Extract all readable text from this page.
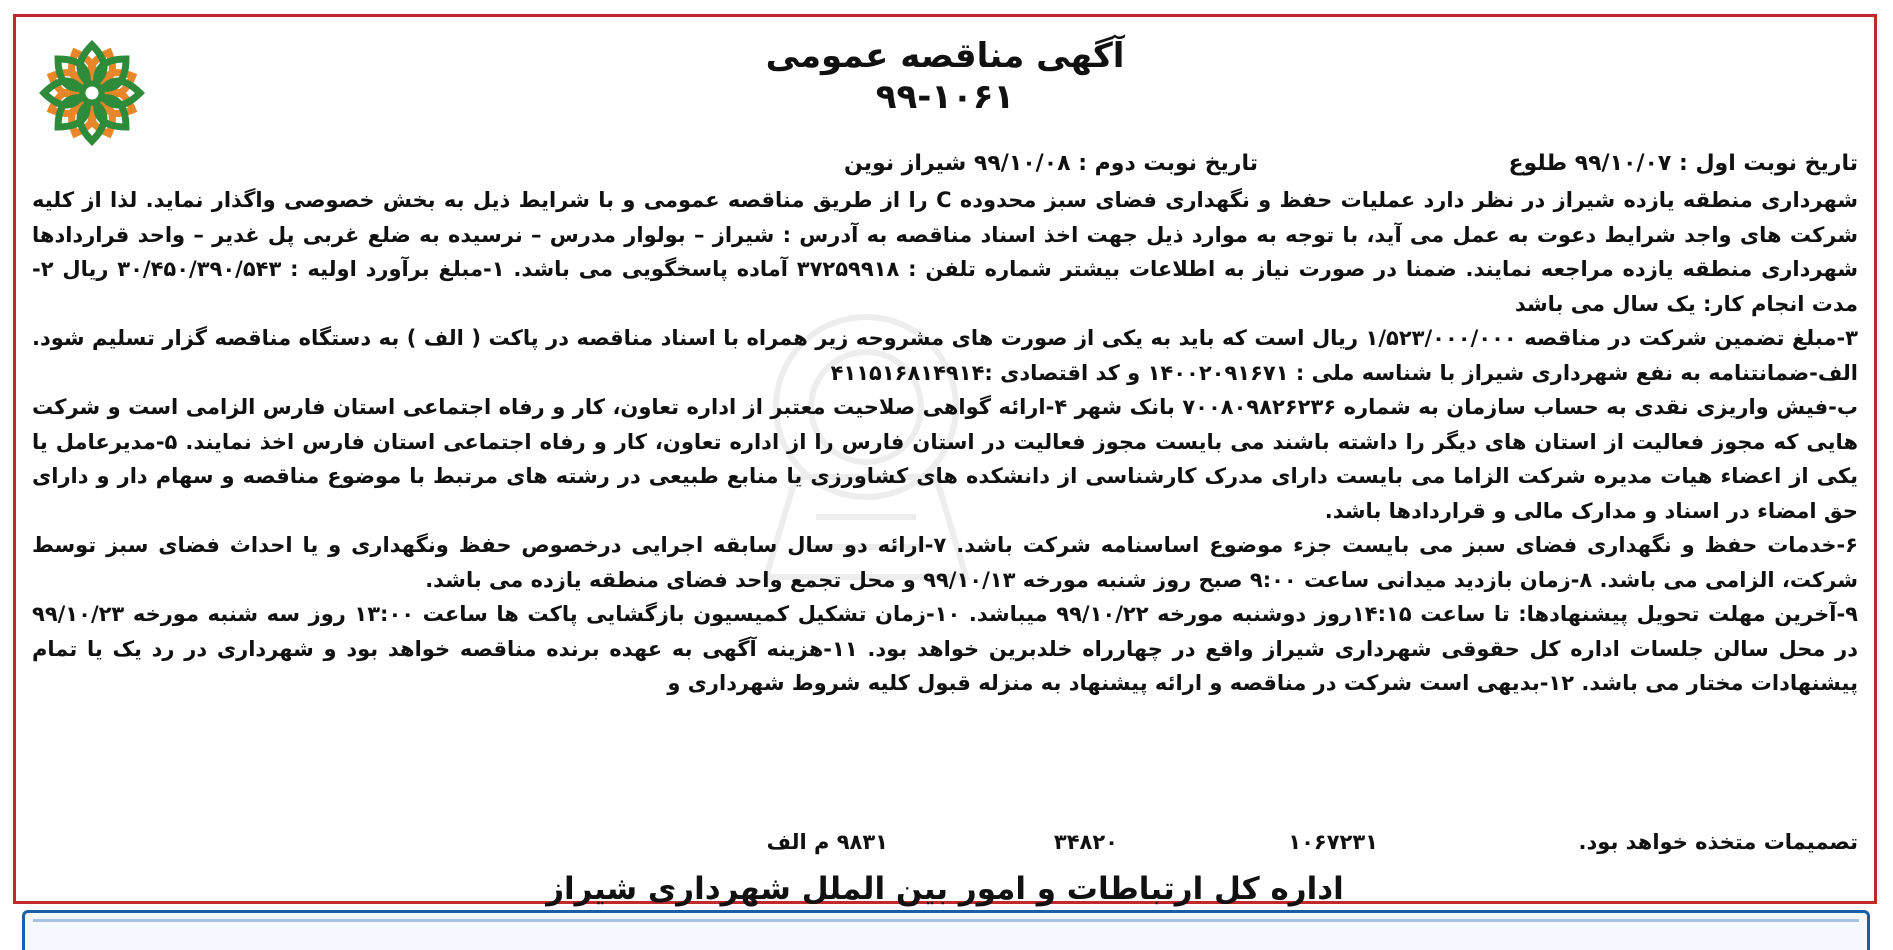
آگهی مناقصه عمومی
۹۹-۱۰۶۱
تاریخ نوبت اول : ۹۹/۱۰/۰۷ طلوع
تاریخ نوبت دوم : ۹۹/۱۰/۰۸ شیراز نوین

شهرداری منطقه یازده شیراز در نظر دارد عملیات حفظ و نگهداری فضای سبز محدوده C را از طریق مناقصه عمومی و با شرایط ذیل به بخش خصوصی واگذار نماید. لذا از کلیه شرکت های واجد شرایط دعوت به عمل می آید، با توجه به موارد ذیل جهت اخذ اسناد مناقصه به آدرس : شیراز – بولوار مدرس – نرسیده به ضلع غربی پل غدیر – واحد قراردادها شهرداری منطقه یازده مراجعه نمایند. ضمنا در صورت نیاز به اطلاعات بیشتر شماره تلفن : ۳۷۲۵۹۹۱۸ آماده پاسخگویی می باشد. ۱-مبلغ برآورد اولیه : ۳۰/۴۵۰/۳۹۰/۵۴۳ ریال ۲-مدت انجام کار: یک سال می باشد

۳-مبلغ تضمین شرکت در مناقصه ۱/۵۲۳/۰۰۰/۰۰۰ ریال است که باید به یکی از صورت های مشروحه زیر همراه با اسناد مناقصه در پاکت ( الف ) به دستگاه مناقصه گزار تسلیم شود. الف-ضمانتنامه به نفع شهرداری شیراز با شناسه ملی : ۱۴۰۰۲۰۹۱۶۷۱ و کد اقتصادی :۴۱۱۵۱۶۸۱۴۹۱۴

ب-فیش واریزی نقدی به حساب سازمان به شماره ۷۰۰۸۰۹۸۲۶۲۳۶ بانک شهر ۴-ارائه گواهی صلاحیت معتبر از اداره تعاون، کار و رفاه اجتماعی استان فارس الزامی است و شرکت هایی که مجوز فعالیت از استان های دیگر را داشته باشند می بایست مجوز فعالیت در استان فارس را از اداره تعاون، کار و رفاه اجتماعی استان فارس اخذ نمایند. ۵-مدیرعامل یا یکی از اعضاء هیات مدیره شرکت الزاما می بایست دارای مدرک کارشناسی از دانشکده های کشاورزی یا منابع طبیعی در رشته های مرتبط با موضوع مناقصه و سهام دار و دارای حق امضاء در اسناد و مدارک مالی و قراردادها باشد.

۶-خدمات حفظ و نگهداری فضای سبز می بایست جزء موضوع اساسنامه شرکت باشد. ۷-ارائه دو سال سابقه اجرایی درخصوص حفظ ونگهداری و یا احداث فضای سبز توسط شرکت، الزامی می باشد. ۸-زمان بازدید میدانی ساعت ۹:۰۰ صبح روز شنبه مورخه ۹۹/۱۰/۱۳ و محل تجمع واحد فضای منطقه یازده می باشد.

۹-آخرین مهلت تحویل پیشنهادها: تا ساعت ۱۴:۱۵روز دوشنبه مورخه ۹۹/۱۰/۲۲ میباشد. ۱۰-زمان تشکیل کمیسیون بازگشایی پاکت ها ساعت ۱۳:۰۰ روز سه شنبه مورخه ۹۹/۱۰/۲۳ در محل سالن جلسات اداره کل حقوقی شهرداری شیراز واقع در چهارراه خلدبرین خواهد بود. ۱۱-هزینه آگهی به عهده برنده مناقصه خواهد بود و شهرداری در رد یک یا تمام پیشنهادات مختار می باشد. ۱۲-بدیهی است شرکت در مناقصه و ارائه پیشنهاد به منزله قبول کلیه شروط شهرداری و

تصمیمات متخذه خواهد بود.
۱۰۶۷۲۳۱
۳۴۸۲۰
۹۸۳۱ م الف
اداره کل ارتباطات و امور بین الملل شهرداری شیراز
